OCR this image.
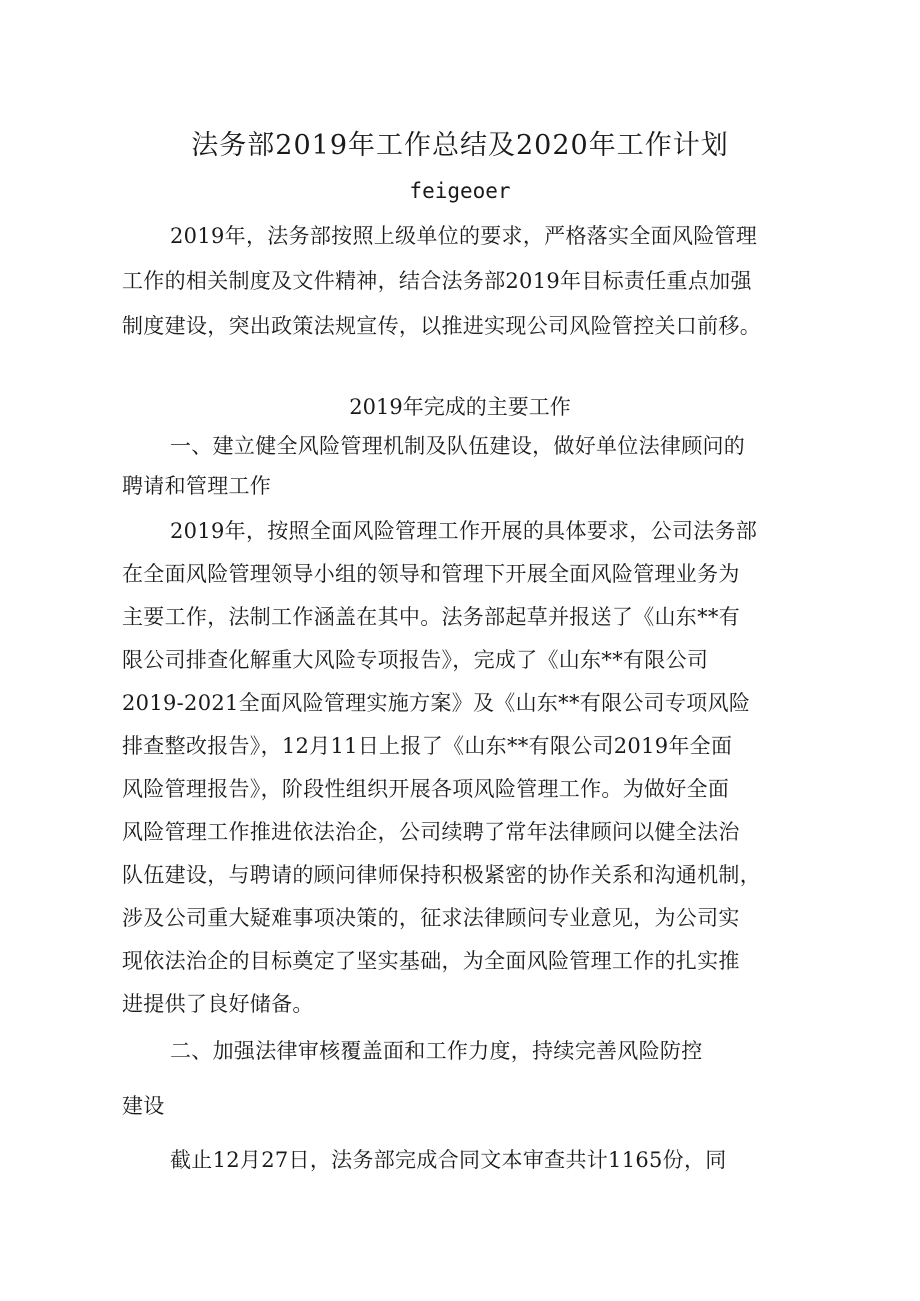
法务部2019年工作总结及2020年工作计划
feigeoer
2019年，法务部按照上级单位的要求，严格落实全面风险管理
工作的相关制度及文件精神，结合法务部2019年目标责任重点加强
制度建设，突出政策法规宣传，以推进实现公司风险管控关口前移。
2019年完成的主要工作
一、建立健全风险管理机制及队伍建设，做好单位法律顾问的
聘请和管理工作
2019年，按照全面风险管理工作开展的具体要求，公司法务部
在全面风险管理领导小组的领导和管理下开展全面风险管理业务为
主要工作，法制工作涵盖在其中。法务部起草并报送了《山东**有
限公司排查化解重大风险专项报告》，完成了《山东**有限公司
2019-2021全面风险管理实施方案》及《山东**有限公司专项风险
排查整改报告》，12月11日上报了《山东**有限公司2019年全面
风险管理报告》，阶段性组织开展各项风险管理工作。为做好全面
风险管理工作推进依法治企，公司续聘了常年法律顾问以健全法治
队伍建设，与聘请的顾问律师保持积极紧密的协作关系和沟通机制，
涉及公司重大疑难事项决策的，征求法律顾问专业意见，为公司实
现依法治企的目标奠定了坚实基础，为全面风险管理工作的扎实推
进提供了良好储备。
二、加强法律审核覆盖面和工作力度，持续完善风险防控
建设
截止12月27日，法务部完成合同文本审查共计1165份，同
